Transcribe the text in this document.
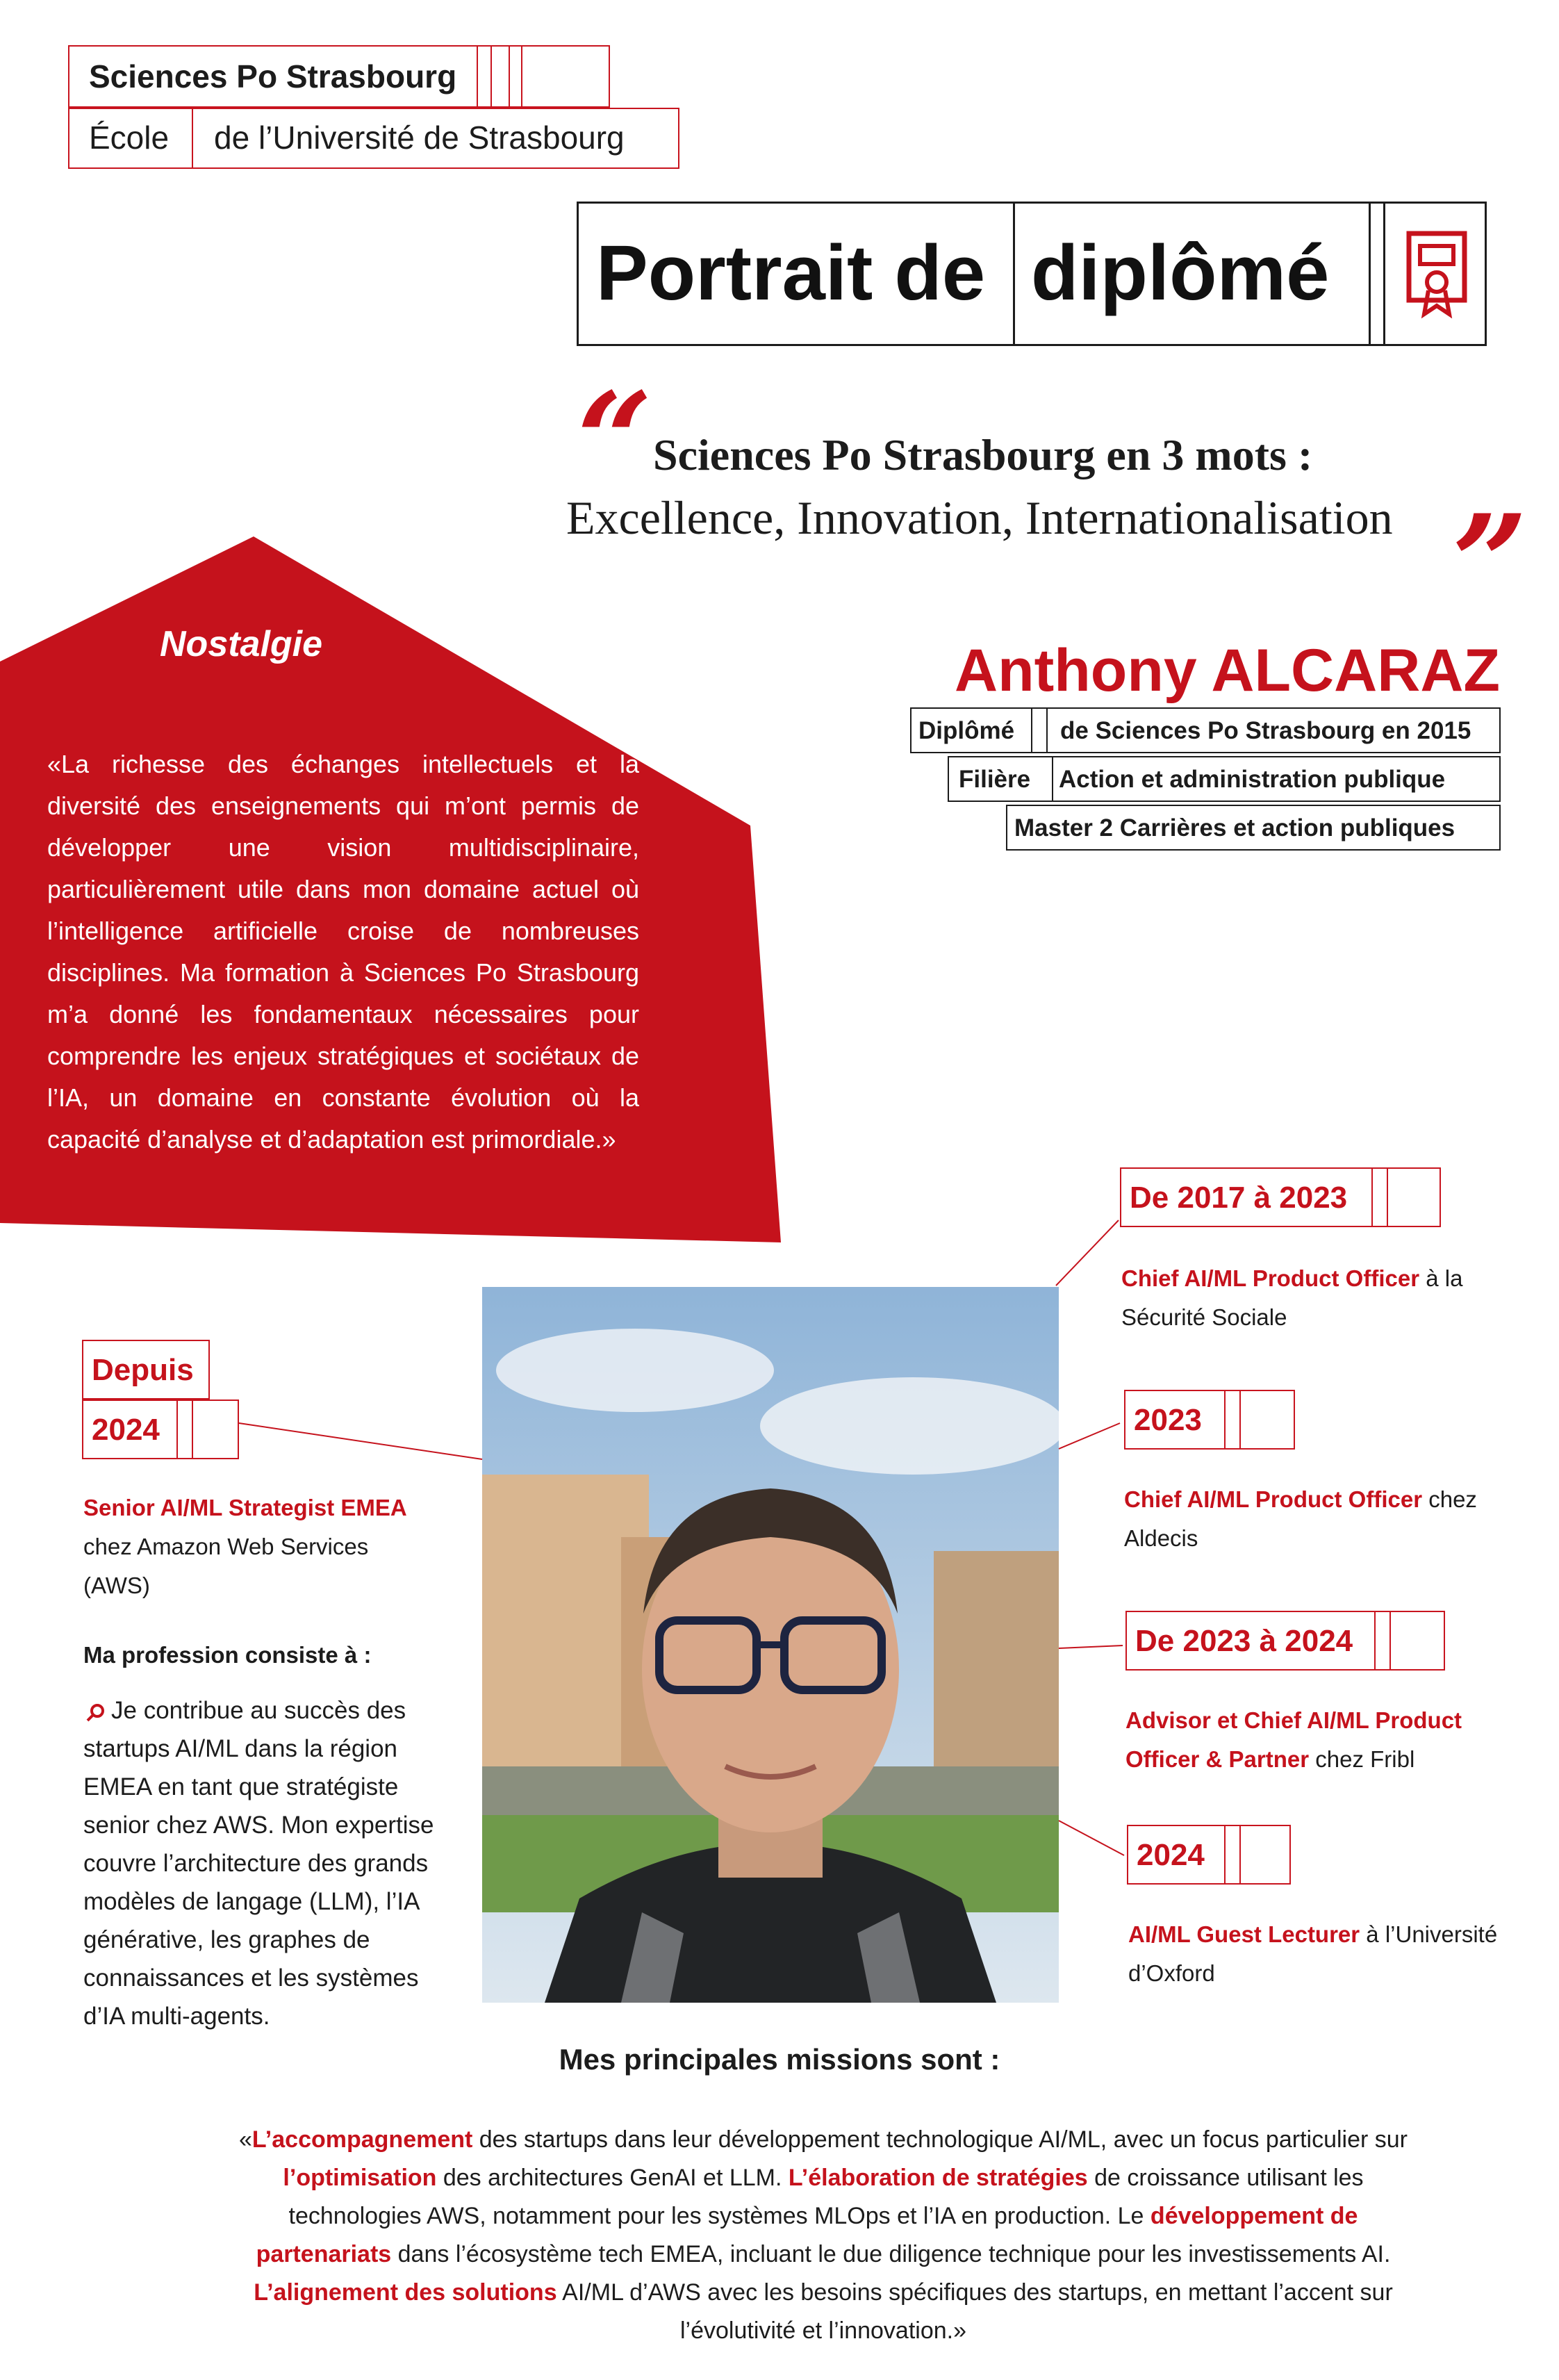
Sciences Po Strasbourg
École de l’Université de Strasbourg
Portrait de diplômé
“ Sciences Po Strasbourg en 3 mots :
Excellence, Innovation, Internationalisation ”
Anthony ALCARAZ
Diplômé de Sciences Po Strasbourg en 2015
Filière Action et administration publique
Master 2 Carrières et action publiques
Nostalgie
«La richesse des échanges intellectuels et la diversité des enseignements qui m’ont permis de développer une vision multidisciplinaire, particulièrement utile dans mon domaine actuel où l’intelligence artificielle croise de nombreuses disciplines. Ma formation à Sciences Po Strasbourg m’a donné les fondamentaux nécessaires pour comprendre les enjeux stratégiques et sociétaux de l’IA, un domaine en constante évolution où la capacité d’analyse et d’adaptation est primordiale.»
Depuis
2024
Senior AI/ML Strategist EMEA chez Amazon Web Services (AWS)
Ma profession consiste à :
Je contribue au succès des startups AI/ML dans la région EMEA en tant que stratégiste senior chez AWS. Mon expertise couvre l’architecture des grands modèles de langage (LLM), l’IA générative, les graphes de connaissances et les systèmes d’IA multi-agents.
De 2017 à 2023
Chief AI/ML Product Officer à la Sécurité Sociale
2023
Chief AI/ML Product Officer chez Aldecis
De 2023 à 2024
Advisor et Chief AI/ML Product Officer & Partner chez Fribl
2024
AI/ML Guest Lecturer à l’Université d’Oxford
Mes principales missions sont :
«L’accompagnement des startups dans leur développement technologique AI/ML, avec un focus particulier sur l’optimisation des architectures GenAI et LLM. L’élaboration de stratégies de croissance utilisant les technologies AWS, notamment pour les systèmes MLOps et l’IA en production. Le développement de partenariats dans l’écosystème tech EMEA, incluant le due diligence technique pour les investissements AI. L’alignement des solutions AI/ML d’AWS avec les besoins spécifiques des startups, en mettant l’accent sur l’évolutivité et l’innovation.»
